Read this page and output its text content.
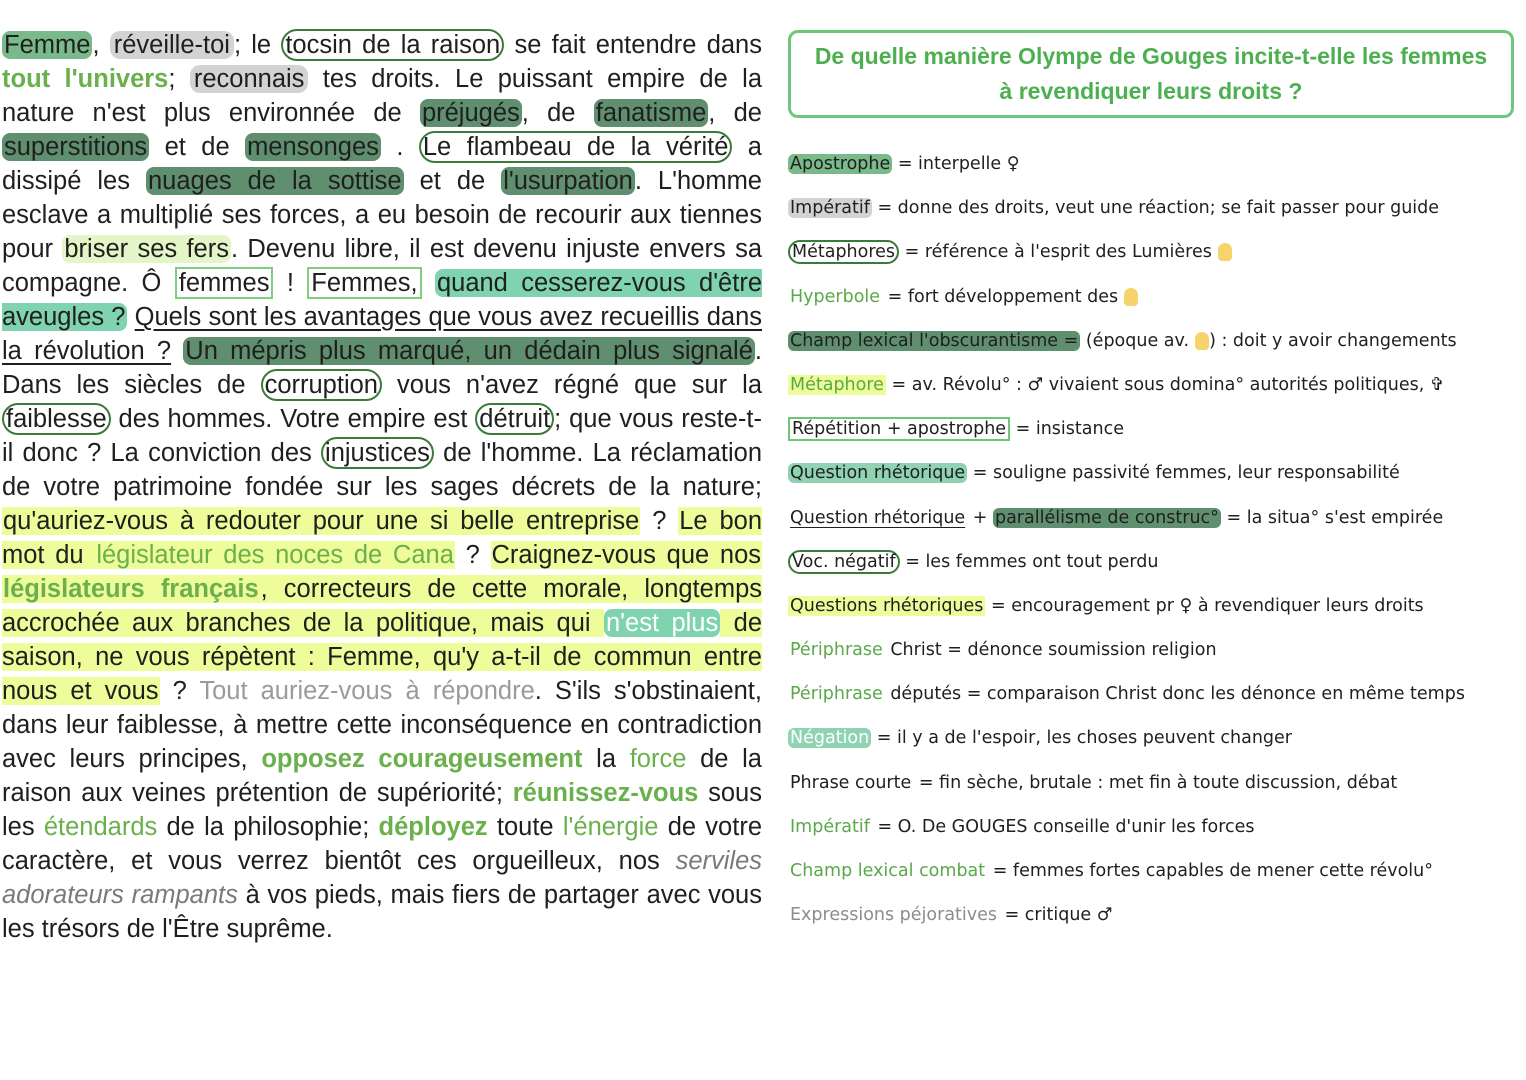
Femme, réveille-toi ; le tocsin de la raison se fait entendre dans tout l'univers; reconnais tes droits. Le puissant empire de la nature n'est plus environnée de préjugés, de fanatisme, de superstitions et de mensonges . Le flambeau de la vérité a dissipé les nuages de la sottise et de l'usurpation. L'homme esclave a multiplié ses forces, a eu besoin de recourir aux tiennes pour briser ses fers. Devenu libre, il est devenu injuste envers sa compagne. Ô femmes ! Femmes, quand cesserez-vous d'être aveugles ? Quels sont les avantages que vous avez recueillis dans la révolution ? Un mépris plus marqué, un dédain plus signalé. Dans les siècles de corruption vous n'avez régné que sur la faiblesse des hommes. Votre empire est détruit ; que vous reste-t-il donc ? La conviction des injustices de l'homme. La réclamation de votre patrimoine fondée sur les sages décrets de la nature; qu'auriez-vous à redouter pour une si belle entreprise ? Le bon mot du législateur des noces de Cana ? Craignez-vous que nos législateurs français, correcteurs de cette morale, longtemps accrochée aux branches de la politique, mais qui n'est plus de saison, ne vous répètent : Femme, qu'y a-t-il de commun entre nous et vous ? Tout auriez-vous à répondre. S'ils s'obstinaient, dans leur faiblesse, à mettre cette inconséquence en contradiction avec leurs principes, opposez courageusement la force de la raison aux veines prétention de supériorité; réunissez-vous sous les étendards de la philosophie; déployez toute l'énergie de votre caractère, et vous verrez bientôt ces orgueilleux, nos serviles adorateurs rampants à vos pieds, mais fiers de partager avec vous les trésors de l'Être suprême.
De quelle manière Olympe de Gouges incite-t-elle les femmes à revendiquer leurs droits ?
Apostrophe = interpelle ♀
Impératif = donne des droits, veut une réaction; se fait passer pour guide
Métaphores = référence à l'esprit des Lumières
Hyperbole = fort développement des
Champ lexical l'obscurantisme = (époque av. ) : doit y avoir changements
Métaphore = av. Révolu° : ♂ vivaient sous domina° autorités politiques, ✞
Répétition + apostrophe = insistance
Question rhétorique = souligne passivité femmes, leur responsabilité
Question rhétorique + parallélisme de construc° = la situa° s'est empirée
Voc. négatif = les femmes ont tout perdu
Questions rhétoriques = encouragement pr ♀ à revendiquer leurs droits
Périphrase Christ = dénonce soumission religion
Périphrase députés = comparaison Christ donc les dénonce en même temps
Négation = il y a de l'espoir, les choses peuvent changer
Phrase courte = fin sèche, brutale : met fin à toute discussion, débat
Impératif = O. De GOUGES conseille d'unir les forces
Champ lexical combat = femmes fortes capables de mener cette révolu°
Expressions péjoratives = critique ♂
